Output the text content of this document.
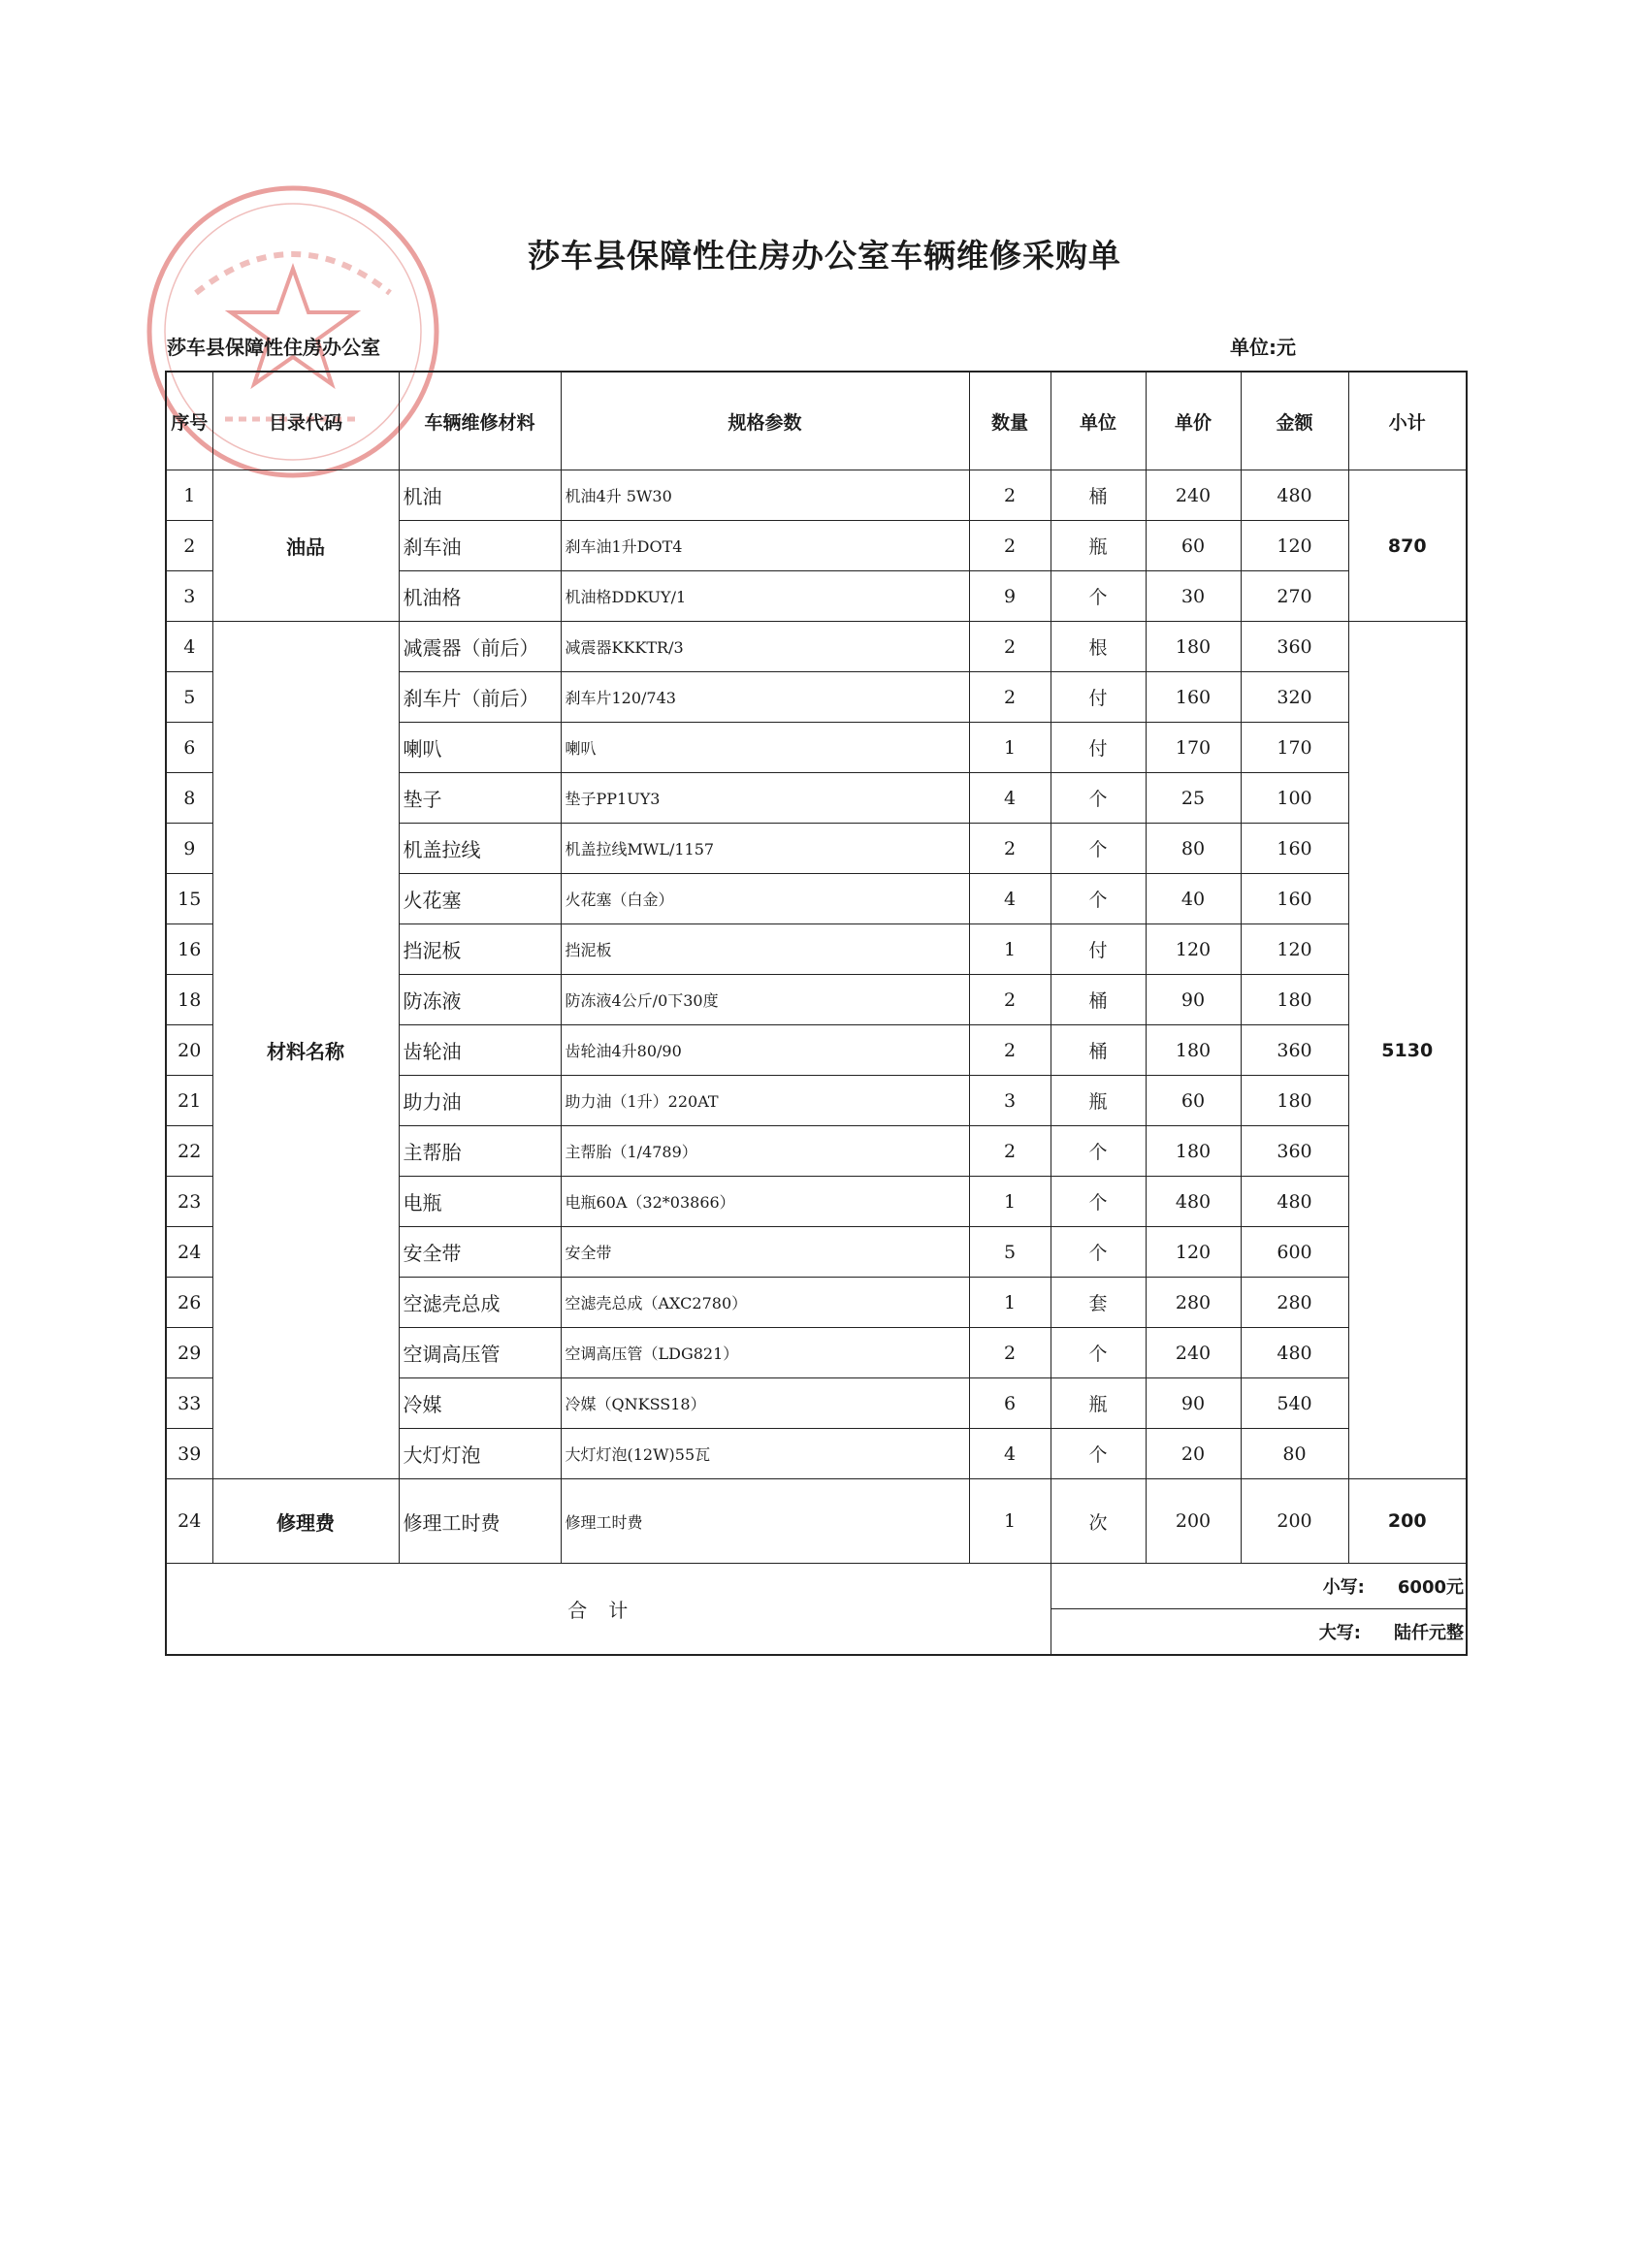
莎车县保障性住房办公室车辆维修采购单
莎车县保障性住房办公室	单位:元
序号	目录代码	车辆维修材料	规格参数	数量	单位	单价	金额	小计
1	油品	机油	机油4升 5W30	2	桶	240	480	870
2		刹车油	刹车油1升DOT4	2	瓶	60	120	
3		机油格	机油格DDKUY/1	9	个	30	270	
4	材料名称	减震器（前后）	减震器KKKTR/3	2	根	180	360	5130
5		刹车片（前后）	刹车片120/743	2	付	160	320	
6		喇叭	喇叭	1	付	170	170	
8		垫子	垫子PP1UY3	4	个	25	100	
9		机盖拉线	机盖拉线MWL/1157	2	个	80	160	
15		火花塞	火花塞（白金）	4	个	40	160	
16		挡泥板	挡泥板	1	付	120	120	
18		防冻液	防冻液4公斤/0下30度	2	桶	90	180	
20		齿轮油	齿轮油4升80/90	2	桶	180	360	
21		助力油	助力油（1升）220AT	3	瓶	60	180	
22		主帮胎	主帮胎（1/4789）	2	个	180	360	
23		电瓶	电瓶60A（32*03866）	1	个	480	480	
24		安全带	安全带	5	个	120	600	
26		空滤壳总成	空滤壳总成（AXC2780）	1	套	280	280	
29		空调高压管	空调高压管（LDG821）	2	个	240	480	
33		冷媒	冷媒（QNKSS18）	6	瓶	90	540	
39		大灯灯泡	大灯灯泡(12W)55瓦	4	个	20	80	
24	修理费	修理工时费	修理工时费	1	次	200	200	200
合计					小写: 6000元			
					大写: 陆仟元整			
